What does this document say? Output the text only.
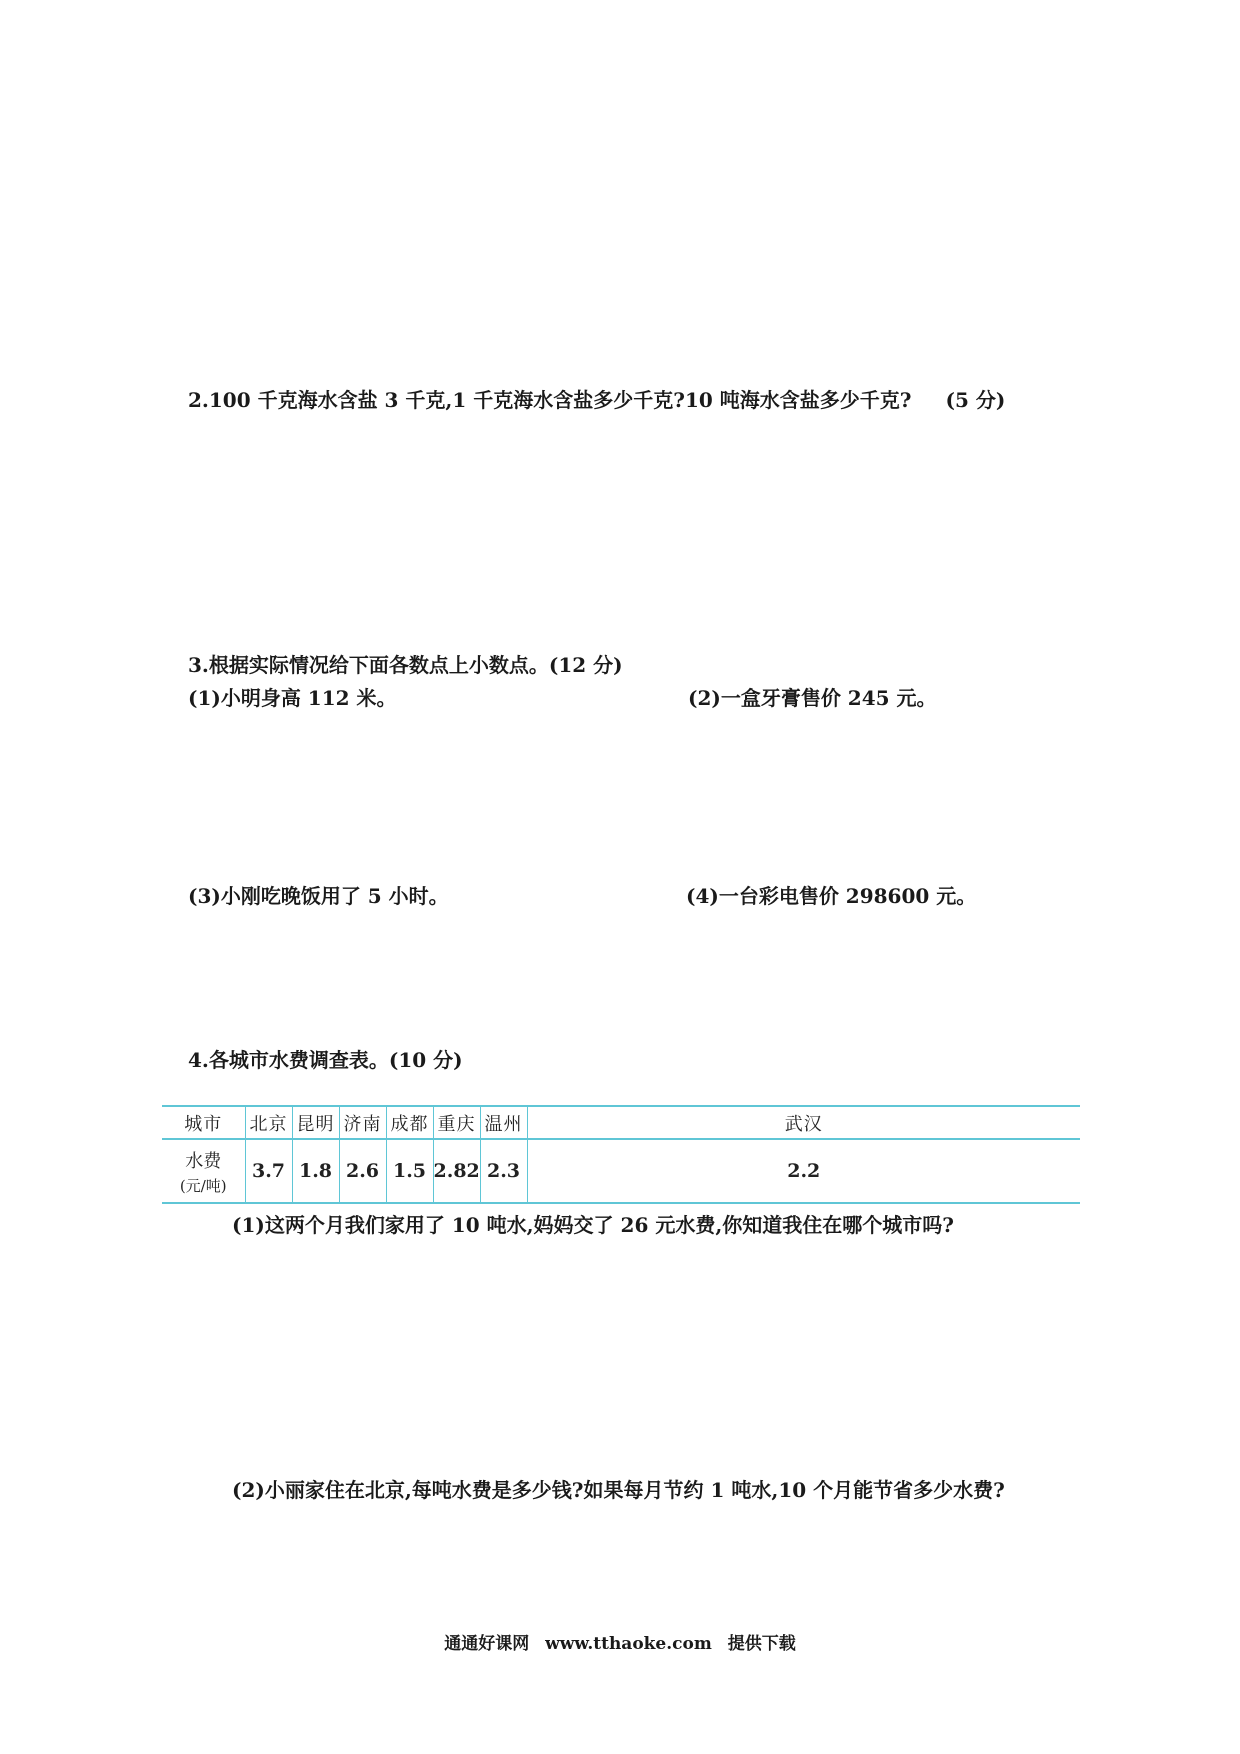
2.100 千克海水含盐 3 千克,1 千克海水含盐多少千克?10 吨海水含盐多少千克? (5 分)
3.根据实际情况给下面各数点上小数点。(12 分)
(1)小明身高 112 米。	(2)一盒牙膏售价 245 元。
(3)小刚吃晚饭用了 5 小时。	(4)一台彩电售价 298600 元。
4.各城市水费调查表。(10 分)
城市	北京	昆明	济南	成都	重庆	温州	武汉

水费
(元/吨)	3.7	1.8	2.6	1.5	2.82	2.3	2.2
(1)这两个月我们家用了 10 吨水,妈妈交了 26 元水费,你知道我住在哪个城市吗?
(2)小丽家住在北京,每吨水费是多少钱?如果每月节约 1 吨水,10 个月能节省多少水费?
通通好课网 www.tthaoke.com 提供下载
